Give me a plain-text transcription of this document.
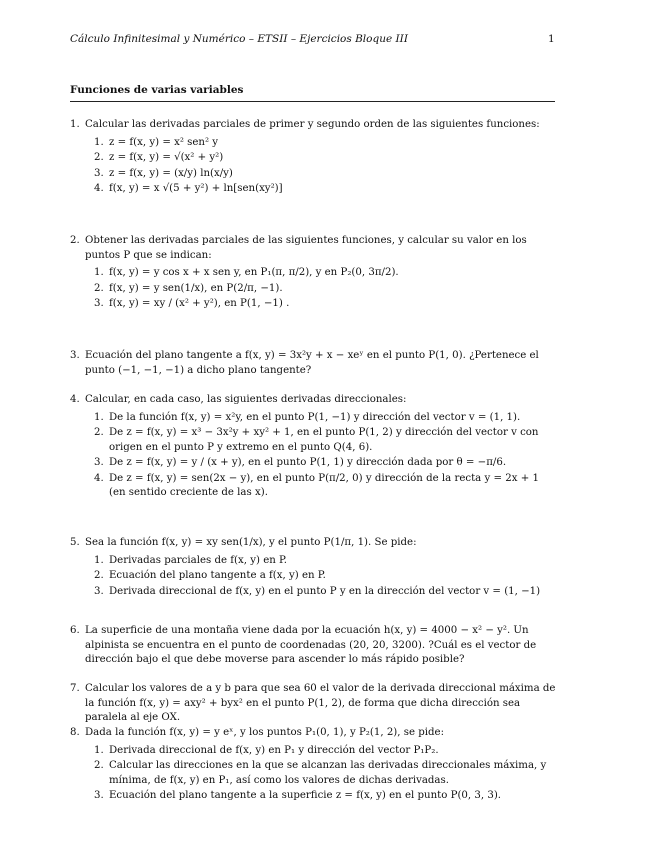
Cálculo Infinitesimal y Numérico – ETSII – Ejercicios Bloque III	1
Funciones de varias variables
1. Calcular las derivadas parciales de primer y segundo orden de las siguientes funciones:
1. z = f(x, y) = x² sen² y
2. z = f(x, y) = √(x² + y²)
3. z = f(x, y) = (x/y) ln(x/y)
4. f(x, y) = x √(5 + y²) + ln[sen(xy²)]
2. Obtener las derivadas parciales de las siguientes funciones, y calcular su valor en los puntos P que se indican:
1. f(x, y) = y cos x + x sen y, en P₁(π, π/2), y en P₂(0, 3π/2).
2. f(x, y) = y sen(1/x), en P(2/π, −1).
3. f(x, y) = xy / (x² + y²), en P(1, −1) .
3. Ecuación del plano tangente a f(x, y) = 3x²y + x − xeʸ en el punto P(1, 0). ¿Pertenece el punto (−1, −1, −1) a dicho plano tangente?
4. Calcular, en cada caso, las siguientes derivadas direccionales:
1. De la función f(x, y) = x²y, en el punto P(1, −1) y dirección del vector v = (1, 1).
2. De z = f(x, y) = x³ − 3x²y + xy² + 1, en el punto P(1, 2) y dirección del vector v con origen en el punto P y extremo en el punto Q(4, 6).
3. De z = f(x, y) = y / (x + y), en el punto P(1, 1) y dirección dada por θ = −π/6.
4. De z = f(x, y) = sen(2x − y), en el punto P(π/2, 0) y dirección de la recta y = 2x + 1 (en sentido creciente de las x).
5. Sea la función f(x, y) = xy sen(1/x), y el punto P(1/π, 1). Se pide:
1. Derivadas parciales de f(x, y) en P.
2. Ecuación del plano tangente a f(x, y) en P.
3. Derivada direccional de f(x, y) en el punto P y en la dirección del vector v = (1, −1)
6. La superficie de una montaña viene dada por la ecuación h(x, y) = 4000 − x² − y². Un alpinista se encuentra en el punto de coordenadas (20, 20, 3200). ?Cuál es el vector de dirección bajo el que debe moverse para ascender lo más rápido posible?
7. Calcular los valores de a y b para que sea 60 el valor de la derivada direccional máxima de la función f(x, y) = axy² + byx² en el punto P(1, 2), de forma que dicha dirección sea paralela al eje OX.
8. Dada la función f(x, y) = y eˣ, y los puntos P₁(0, 1), y P₂(1, 2), se pide:
1. Derivada direccional de f(x, y) en P₁ y dirección del vector P₁P₂.
2. Calcular las direcciones en la que se alcanzan las derivadas direccionales máxima, y mínima, de f(x, y) en P₁, así como los valores de dichas derivadas.
3. Ecuación del plano tangente a la superficie z = f(x, y) en el punto P(0, 3, 3).
